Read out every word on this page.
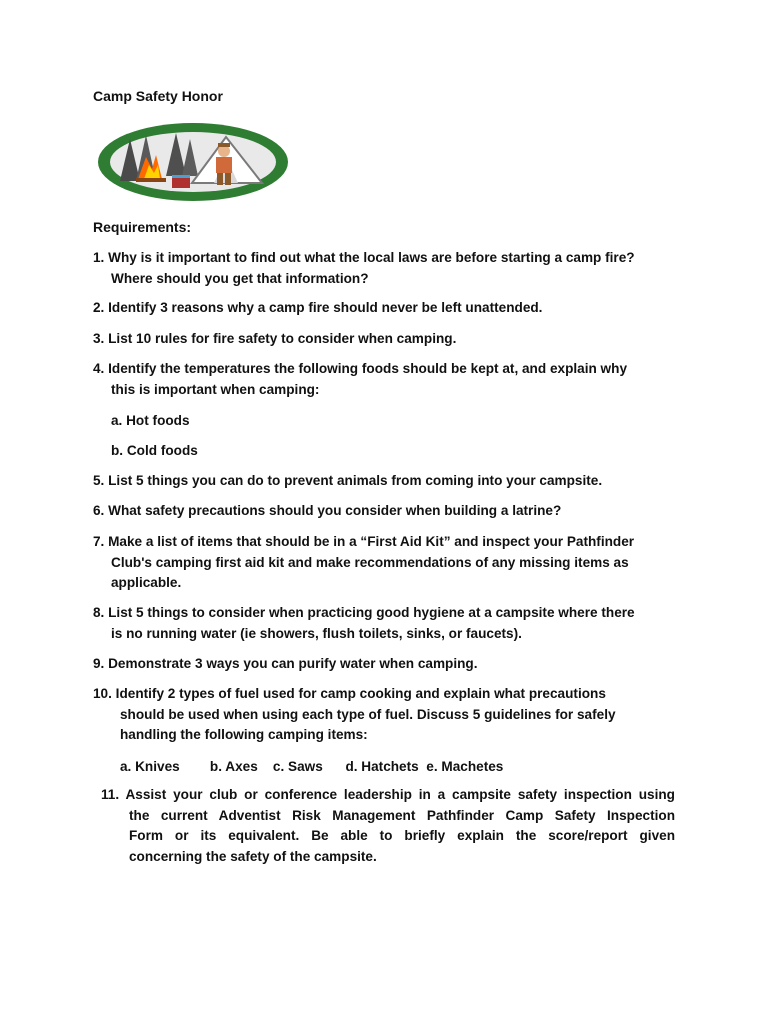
Camp Safety Honor
Requirements:
1. Why is it important to find out what the local laws are before starting a camp fire?
Where should you get that information?
2. Identify 3 reasons why a camp fire should never be left unattended.
3. List 10 rules for fire safety to consider when camping.
4. Identify the temperatures the following foods should be kept at, and explain why
this is important when camping:
a. Hot foods
b. Cold foods
5. List 5 things you can do to prevent animals from coming into your campsite.
6. What safety precautions should you consider when building a latrine?
7. Make a list of items that should be in a “First Aid Kit” and inspect your Pathfinder
Club's camping first aid kit and make recommendations of any missing items as
applicable.
8. List 5 things to consider when practicing good hygiene at a campsite where there
is no running water (ie showers, flush toilets, sinks, or faucets).
9. Demonstrate 3 ways you can purify water when camping.
10. Identify 2 types of fuel used for camp cooking and explain what precautions
should be used when using each type of fuel. Discuss 5 guidelines for safely
handling the following camping items:
a. Knives b. Axes c. Saws d. Hatchets e. Machetes
11. Assist your club or conference leadership in a campsite safety inspection using
the current Adventist Risk Management Pathfinder Camp Safety Inspection
Form or its equivalent. Be able to briefly explain the score/report given
concerning the safety of the campsite.
